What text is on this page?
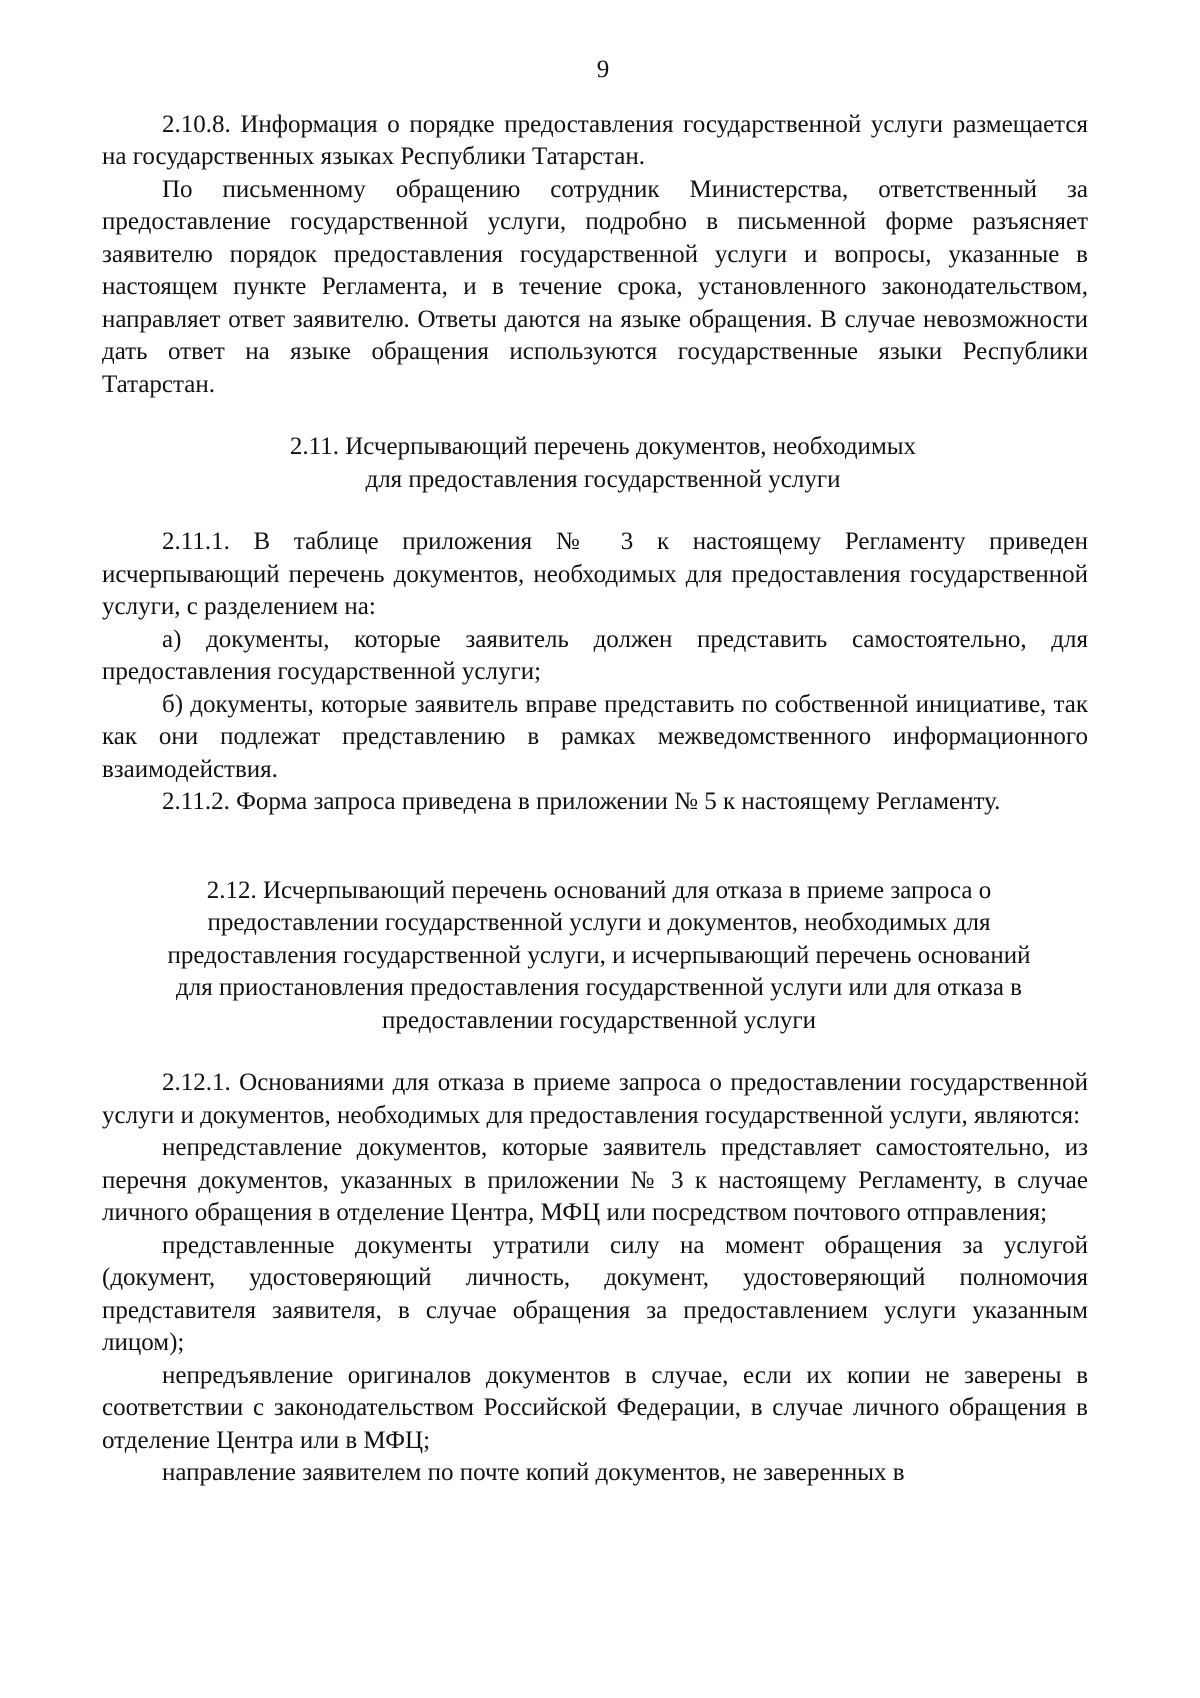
9

2.10.8. Информация о порядке предоставления государственной услуги размещается на государственных языках Республики Татарстан.

По письменному обращению сотрудник Министерства, ответственный за предоставление государственной услуги, подробно в письменной форме разъясняет заявителю порядок предоставления государственной услуги и вопросы, указанные в настоящем пункте Регламента, и в течение срока, установленного законодательством, направляет ответ заявителю. Ответы даются на языке обращения. В случае невозможности дать ответ на языке обращения используются государственные языки Республики Татарстан.

2.11. Исчерпывающий перечень документов, необходимых
для предоставления государственной услуги

2.11.1. В таблице приложения № 3 к настоящему Регламенту приведен исчерпывающий перечень документов, необходимых для предоставления государственной услуги, с разделением на:

а) документы, которые заявитель должен представить самостоятельно, для предоставления государственной услуги;

б) документы, которые заявитель вправе представить по собственной инициативе, так как они подлежат представлению в рамках межведомственного информационного взаимодействия.

2.11.2. Форма запроса приведена в приложении № 5 к настоящему Регламенту.

2.12. Исчерпывающий перечень оснований для отказа в приеме запроса о
предоставлении государственной услуги и документов, необходимых для
предоставления государственной услуги, и исчерпывающий перечень оснований
для приостановления предоставления государственной услуги или для отказа в
предоставлении государственной услуги

2.12.1. Основаниями для отказа в приеме запроса о предоставлении государственной услуги и документов, необходимых для предоставления государственной услуги, являются:

непредставление документов, которые заявитель представляет самостоятельно, из перечня документов, указанных в приложении № 3 к настоящему Регламенту, в случае личного обращения в отделение Центра, МФЦ или посредством почтового отправления;

представленные документы утратили силу на момент обращения за услугой (документ, удостоверяющий личность, документ, удостоверяющий полномочия представителя заявителя, в случае обращения за предоставлением услуги указанным лицом);

непредъявление оригиналов документов в случае, если их копии не заверены в соответствии с законодательством Российской Федерации, в случае личного обращения в отделение Центра или в МФЦ;

направление заявителем по почте копий документов, не заверенных в
